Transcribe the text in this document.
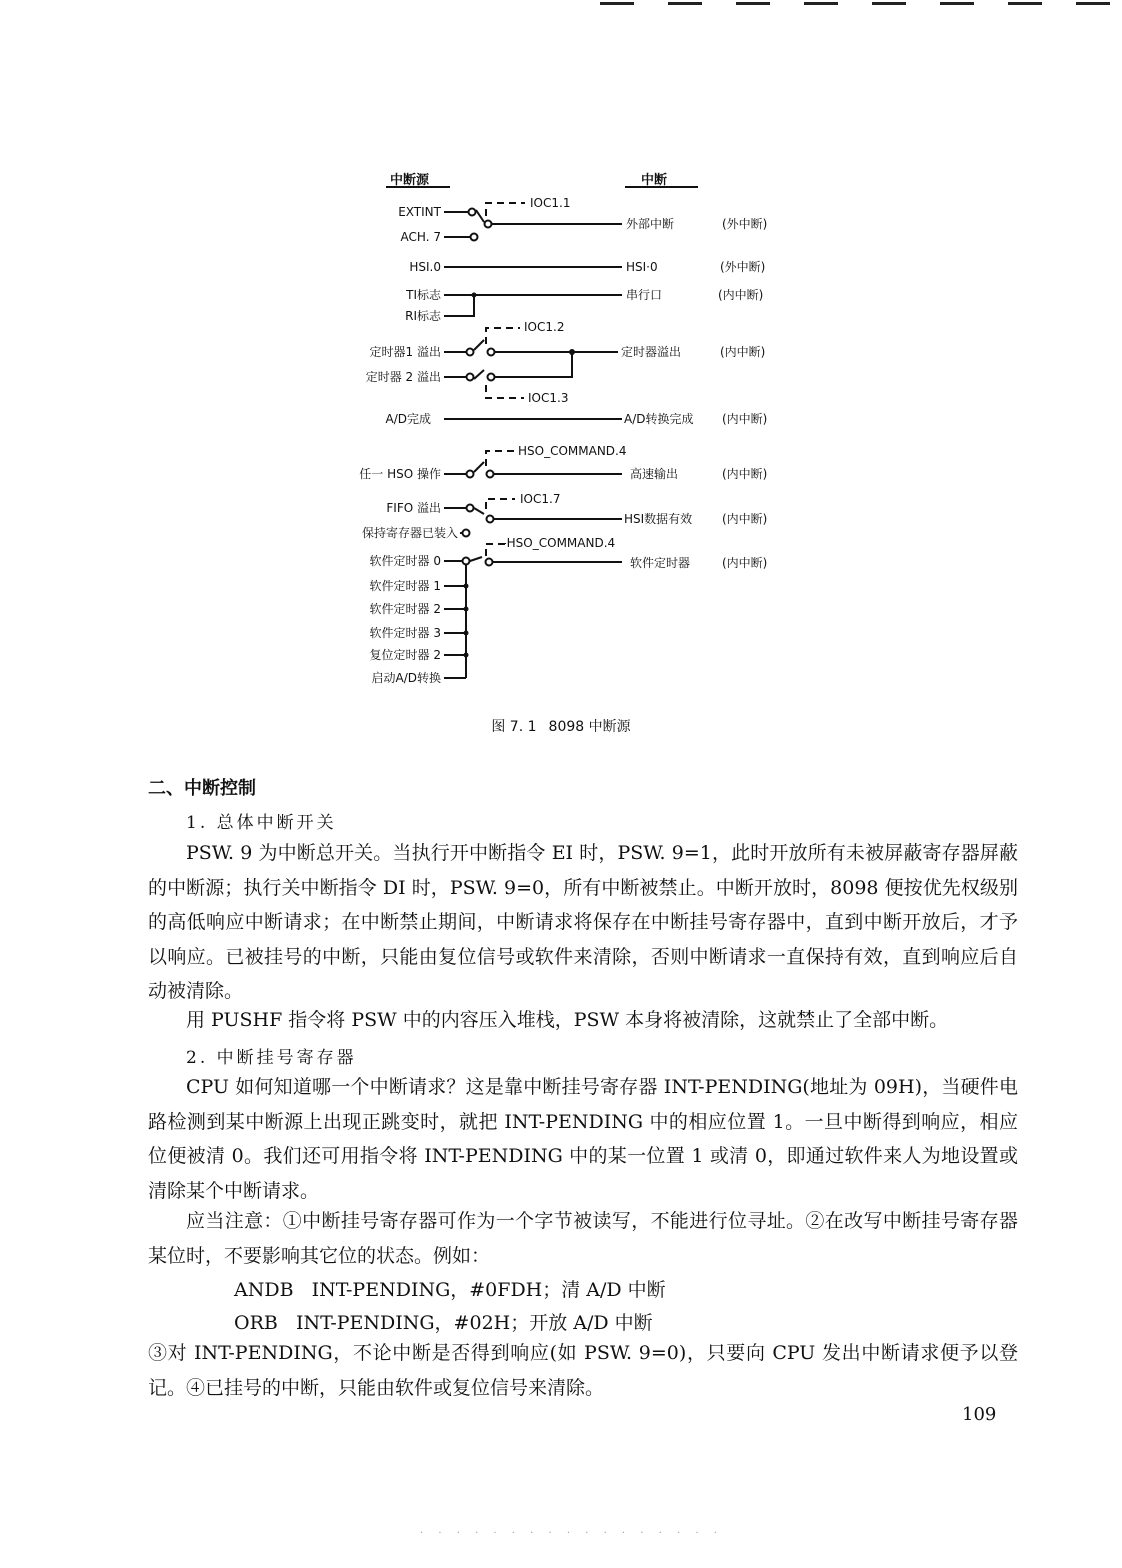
中断源	中断
IOC1.1
IOC1.2
IOC1.3
HSO_COMMAND.4
IOC1.7
--HSO_COMMAND.4
EXTINT
ACH. 7
HSI.0
TI标志
RI标志
定时器1 溢出
定时器 2 溢出
A/D完成
任一 HSO 操作
FIFO 溢出
保持寄存器已装入
软件定时器 0
软件定时器 1
软件定时器 2
软件定时器 3
复位定时器 2
启动A/D转换
外部中断
HSI·0
串行口
定时器溢出
A/D转换完成
高速输出
HSI数据有效
软件定时器
(外中断)
(外中断)
(内中断)
(内中断)
(内中断)
(内中断)
(内中断)
(内中断)
图 7. 1 8098 中断源
二、中断控制
1. 总体中断开关

PSW. 9 为中断总开关。当执行开中断指令 EI 时，PSW. 9=1，此时开放所有未被屏蔽寄存器屏蔽的中断源；执行关中断指令 DI 时，PSW. 9=0，所有中断被禁止。中断开放时，8098 便按优先权级别的高低响应中断请求；在中断禁止期间，中断请求将保存在中断挂号寄存器中，直到中断开放后，才予以响应。已被挂号的中断，只能由复位信号或软件来清除，否则中断请求一直保持有效，直到响应后自动被清除。

用 PUSHF 指令将 PSW 中的内容压入堆栈，PSW 本身将被清除，这就禁止了全部中断。

2. 中断挂号寄存器

CPU 如何知道哪一个中断请求？这是靠中断挂号寄存器 INT-PENDING(地址为 09H)，当硬件电路检测到某中断源上出现正跳变时，就把 INT-PENDING 中的相应位置 1。一旦中断得到响应，相应位便被清 0。我们还可用指令将 INT-PENDING 中的某一位置 1 或清 0，即通过软件来人为地设置或清除某个中断请求。

应当注意：①中断挂号寄存器可作为一个字节被读写，不能进行位寻址。②在改写中断挂号寄存器某位时，不要影响其它位的状态。例如：

ANDB   INT-PENDING，#0FDH；清 A/D 中断
ORB   INT-PENDING，#02H；开放 A/D 中断

③对 INT-PENDING，不论中断是否得到响应(如 PSW. 9=0)，只要向 CPU 发出中断请求便予以登记。④已挂号的中断，只能由软件或复位信号来清除。

109
. . . . . . . . . . . . . . . . .
